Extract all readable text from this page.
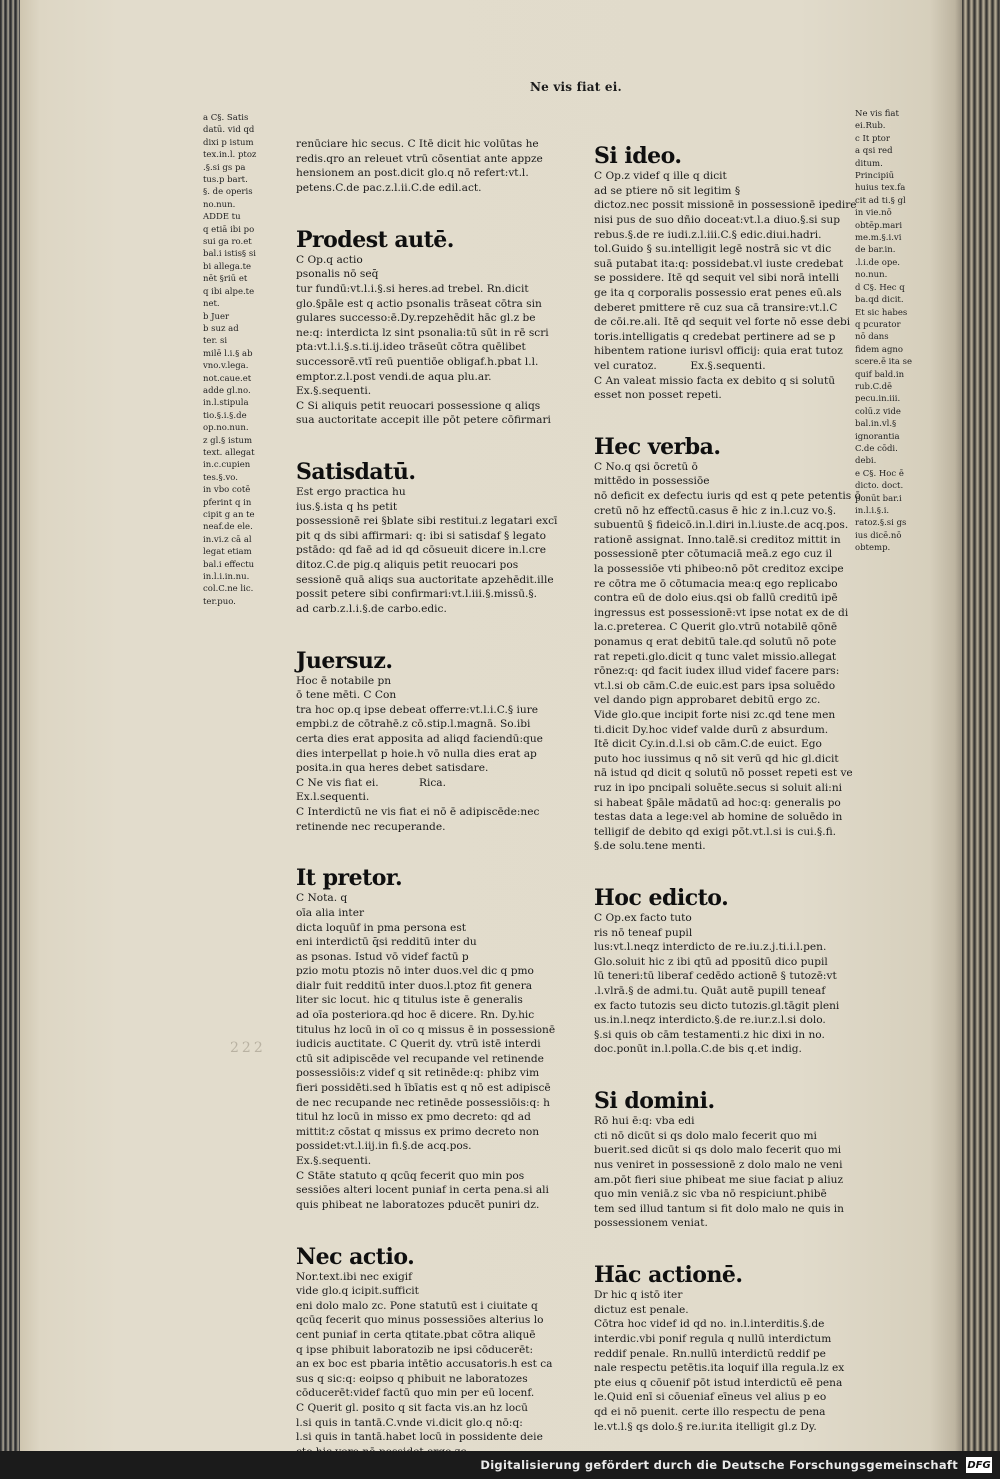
Ne vis fiat ei.

a C§. Satis

datū. vid qd

dixi p istum

tex.in.l. ptoz

.§.si gs pa

tus.p bart.

§. de operis

no.nun.

ADDE tu

q etiā ibi po

sui ga ro.et

bal.i istis§ si

bi allega.te

nēt §riū et

q ibi alpe.te

net.

b Juer

b suz ad

ter. si

milē l.i.§ ab

vno.v.lega.

not.caue.et

adde gl.no.

in.l.stipula

tio.§.i.§.de

op.no.nun.

z gl.§ istum

text. allegat

in.c.cupien

tes.§.vo.

in vbo cotē

pferint q in

cipit g an te

neaf.de ele.

in.vi.z cā al

legat etiam

bal.i effectu

in.l.i.in.nu.

col.C.ne lic.

ter.puo.

renūciare hic secus. C Itē dicit hic volūtas he

redis.qro an releuet vtrū cōsentiat ante appze

hensionem an post.dicit glo.q nō refert:vt.l.

petens.C.de pac.z.l.ii.C.de edil.act.

Prodest autē.

C Op.q actio

psonalis nō seq̄

tur fundū:vt.l.i.§.si heres.ad trebel. Rn.dicit

glo.§pāle est q actio psonalis trāseat cōtra sin

gulares successo:ē.Dy.repzehēdit hāc gl.z be

ne:q: interdicta lz sint psonalia:tū sūt in rē scri

pta:vt.l.i.§.s.ti.ij.ideo trāseūt cōtra quēlibet

successorē.vtī reū puentiōe obligaf.h.pbat l.l.

emptor.z.l.post vendi.de aqua plu.ar.

Ex.§.sequenti.

C Si aliquis petit reuocari possessione q aliqs

sua auctoritate accepit ille pōt petere cōfirmari

Satisdatū.

Est ergo practica hu

ius.§.ista q hs petit

possessionē rei §blate sibi restitui.z legatari excī

pit q ds sibi affirmari: q: ibi si satisdaf § legato

pstādo: qd faē ad id qd cōsueuit dicere in.l.cre

ditoz.C.de pig.q aliquis petit reuocari pos

sessionē quā aliqs sua auctoritate apzehēdit.ille

possit petere sibi confirmari:vt.l.iii.§.missū.§.

ad carb.z.l.i.§.de carbo.edic.

Juersuz.

Hoc ē notabile pn

ō tene mēti. C Con

tra hoc op.q ipse debeat offerre:vt.l.i.C.§ iure

empbi.z de cōtrahē.z cō.stip.l.magnā. So.ibi

certa dies erat apposita ad aliqd faciendū:que

dies interpellat p hoie.h vō nulla dies erat ap

posita.in qua heres debet satisdare.

C Ne vis fiat ei.            Rica.

Ex.l.sequenti.

C Interdictū ne vis fiat ei nō ē adipiscēde:nec

retinende nec recuperande.

It pretor.

C Nota. q

oīa alia inter

dicta loquūf in pma persona est

eni interdictū q̄si redditū inter du

as psonas. Istud vō videf factū p

pzio motu ptozis nō inter duos.vel dic q pmo

dialr fuit redditū inter duos.l.ptoz fit genera

liter sic locut. hic q titulus iste ē generalis

ad oīa posteriora.qd hoc ē dicere. Rn. Dy.hic

titulus hz locū in oī co q missus ē in possessionē

iudicis auctitate. C Querit dy. vtrū istē interdi

ctū sit adipiscēde vel recupande vel retinende

possessiōis:z videf q sit retinēde:q: phibz vim

fieri possidēti.sed h ībīatis est q nō est adipiscē

de nec recupande nec retinēde possessiōis:q: h

titul hz locū in misso ex pmo decreto: qd ad

mittit:z cōstat q missus ex primo decreto non

possidet:vt.l.iij.in fi.§.de acq.pos.

Ex.§.sequenti.

C Stāte statuto q qcūq fecerit quo min pos

sessiōes alteri locent puniaf in certa pena.si ali

quis phibeat ne laboratozes pducēt puniri dz.

Nec actio.

Nor.text.ibi nec exigif

vide glo.q icipit.sufficit

eni dolo malo zc. Pone statutū est i ciuitate q

qcūq fecerit quo minus possessiōes alterius lo

cent puniaf in certa qtitate.pbat cōtra aliquē

q ipse phibuit laboratozib ne ipsi cōducerēt:

an ex boc est pbaria intētio accusatoris.h est ca

sus q sic:q: eoipso q phibuit ne laboratozes

cōducerēt:videf factū quo min per eū locenf.

C Querit gl. posito q sit facta vis.an hz locū

l.si quis in tantā.C.vnde vi.dicit glo.q nō:q:

l.si quis in tantā.habet locū in possidente deie

Si ideo.

C Op.z videf q ille q dicit

ad se ptiere nō sit legitim §

dictoz.nec possit missionē in possessionē ipedire

nisi pus de suo dñio doceat:vt.l.a diuo.§.si sup

rebus.§.de re iudi.z.l.iii.C.§ edic.diui.hadri.

tol.Guido § su.intelligit legē nostrā sic vt dic

suā putabat ita:q: possidebat.vl iuste credebat

se possidere. Itē qd sequit vel sibi norā intelli

ge ita q corporalis possessio erat penes eū.als

deberet pmittere rē cuz sua cā transire:vt.l.C

de cōi.re.ali. Itē qd sequit vel forte nō esse debi

toris.intelligatis q credebat pertinere ad se p

hibentem ratione iurisvl officij: quia erat tutoz

vel curatoz.          Ex.§.sequenti.

C An valeat missio facta ex debito q si solutū

esset non posset repeti.

Hec verba.

C No.q qsi ōcretū ō

mittēdo in possessiōe

nō deficit ex defectu iuris qd est q pete petentis ō

cretū nō hz effectū.casus ē hic z in.l.cuz vo.§.

subuentū § fideicō.in.l.diri in.l.iuste.de acq.pos.

rationē assignat. Inno.talē.si creditoz mittit in

possessionē pter cōtumaciā meā.z ego cuz il

la possessiōe vti phibeo:nō pōt creditoz excipe

re cōtra me ō cōtumacia mea:q ego replicabo

contra eū de dolo eius.qsi ob fallū creditū ipē

ingressus est possessionē:vt ipse notat ex de di

la.c.preterea. C Querit glo.vtrū notabilē qōnē

ponamus q erat debitū tale.qd solutū nō pote

rat repeti.glo.dicit q tunc valet missio.allegat

rōnez:q: qd facit iudex illud videf facere pars:

vt.l.si ob cām.C.de euic.est pars ipsa soluēdo

vel dando pign approbaret debitū ergo zc.

Vide glo.que incipit forte nisi zc.qd tene men

ti.dicit Dy.hoc videf valde durū z absurdum.

Itē dicit Cy.in.d.l.si ob cām.C.de euict. Ego

puto hoc iussimus q nō sit verū qd hic gl.dicit

nā istud qd dicit q solutū nō posset repeti est ve

ruz in ipo pncipali soluēte.secus si soluit ali:ni

si habeat §pāle mādatū ad hoc:q: generalis po

testas data a lege:vel ab homine de soluēdo in

telligif de debito qd exigi pōt.vt.l.si is cui.§.fi.

§.de solu.tene menti.

Hoc edicto.

C Op.ex facto tuto

ris nō teneaf pupil

lus:vt.l.neqz interdicto de re.iu.z.j.ti.i.l.pen.

Glo.soluit hic z ibi qtū ad ppositū dico pupil

lū teneri:tū liberaf cedēdo actionē § tutozē:vt

.l.vlrā.§ de admi.tu. Quāt autē pupill teneaf

ex facto tutozis seu dicto tutozis.gl.tāgit pleni

us.in.l.neqz interdicto.§.de re.iur.z.l.si dolo.

§.si quis ob cām testamenti.z hic dixi in no.

doc.ponūt in.l.polla.C.de bis q.et indig.

Si domini.

Rō hui ē:q: vba edi

cti nō dicūt si qs dolo malo fecerit quo mi

buerit.sed dicūt si qs dolo malo fecerit quo mi

nus veniret in possessionē z dolo malo ne veni

am.pōt fieri siue phibeat me siue faciat p aliuz

quo min veniā.z sic vba nō respiciunt.phibē

tem sed illud tantum si fit dolo malo ne quis in

possessionem veniat.

Hāc actionē.

Dr hic q istō iter

dictuz est penale.

Cōtra hoc videf id qd no. in.l.interditis.§.de

interdic.vbi ponif regula q nullū interdictum

reddif penale. Rn.nullū interdictū reddif pe

nale respectu petētis.ita loquif illa regula.lz ex

pte eius q cōuenif pōt istud interdictū eē pena

le.Quid enī si cōueniaf eīneus vel alius p eo

qd ei nō puenit. certe illo respectu de pena

le.vt.l.§ qs dolo.§ re.iur.ita itelligit gl.z Dy.

Ne vis fiat

ei.Rub.

c It ptor

a qsi red

ditum.

Principiū

huius tex.fa

cit ad ti.§ gl

in vie.nō

obtēp.mari

me.m.§.i.vi

de bar.in.

.l.i.de ope.

no.nun.

d C§. Hec q

ba.qd dicit.

Et sic habes

q pcurator

nō dans

fidem agno

scere.ē ita se

quif bald.in

rub.C.dē

pecu.in.iii.

colū.z vide

bal.in.vl.§

ignorantia

C.de cōdi.

debi.

e C§. Hoc ē

dicto. doct.

ponūt bar.i

in.l.i.§.i.

ratoz.§.si gs

ius dicē.nō

obtemp.

222
Digitalisierung gefördert durch die Deutsche Forschungsgemeinschaft DFG
